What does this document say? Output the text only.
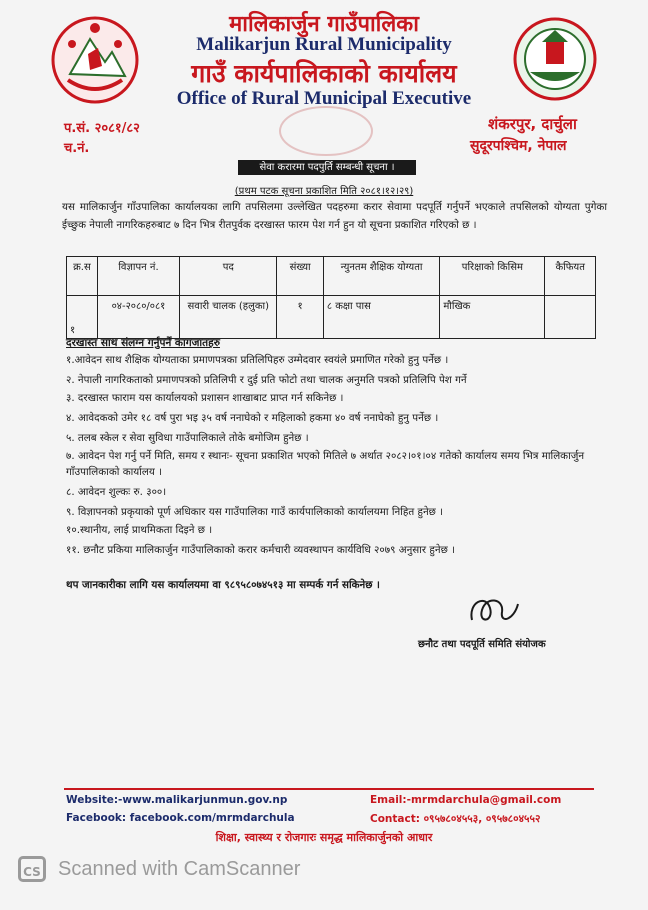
मालिकार्जुन गाउँपालिका
Malikarjun Rural Municipality
गाउँ कार्यपालिकाको कार्यालय
Office of Rural Municipal Executive
प.सं. २०८१/८२
च.नं.
शंकरपुर, दार्चुला
सुदूरपश्चिम, नेपाल
सेवा करारमा पदपुर्ति सम्बन्धी सूचना ।
(प्रथम पटक सूचना प्रकाशित मिति २०८१।१२।२९)
यस मालिकार्जुन गाँउपालिका कार्यालयका लागि तपसिलमा उल्लेखित पदहरुमा करार सेवामा पदपूर्ति गर्नुपर्ने भएकाले तपसिलको योग्यता पुगेका ईच्छुक नेपाली नागरिकहरुबाट ७ दिन भित्र रीतपुर्वक दरखास्त फारम पेश गर्न हुन यो सूचना प्रकाशित गरिएको छ ।
क्र.स	विज्ञापन नं.	पद	संख्या	न्युनतम शैक्षिक योग्यता	परिक्षाको किसिम	कैफियत
१	०४-२०८०/०८१	सवारी चालक (हलुका)	१	८ कक्षा पास	मौखिक	
दरखास्त साथ संलग्न गर्नुपर्ने कागजातहरु
१.आवेदन साथ शैक्षिक योग्यताका प्रमाणपत्रका प्रतिलिपिहरु उम्मेदवार स्वयंले प्रमाणित गरेको हुनु पर्नेछ ।
२. नेपाली नागरिकताको प्रमाणपत्रको प्रतिलिपी र दुई प्रति फोटो तथा चालक अनुमति पत्रको प्रतिलिपि पेश गर्ने
३. दरखास्त फाराम यस कार्यालयको प्रशासन शाखाबाट प्राप्त गर्न सकिनेछ ।
४. आवेदकको उमेर १८ वर्ष पुरा भइ ३५ वर्ष ननाघेको र महिलाको हकमा ४० वर्ष ननाघेको हुनु पर्नेछ ।
५. तलब स्केल र सेवा सुविधा गाउँपालिकाले तोके बमोजिम हुनेछ ।
७. आवेदन पेश गर्नु पर्ने मिति, समय र स्थानः- सूचना प्रकाशित भएको मितिले ७ अर्थात २०८२।०१।०४ गतेको कार्यालय समय भित्र मालिकार्जुन गाँउपालिकाको कार्यालय ।
८. आवेदन शुल्कः रु. ३००।
९. विज्ञापनको प्रकृयाको पूर्ण अधिकार यस गाउँपालिका गाउँ कार्यपालिकाको कार्यालयमा निहित हुनेछ ।
१०.स्थानीय, लाई प्राथमिकता दिइने छ ।
११. छनौट प्रकिया मालिकार्जुन गाउँपालिकाको करार कर्मचारी व्यवस्थापन कार्यविधि २०७९ अनुसार हुनेछ ।
थप जानकारीका लागि यस कार्यालयमा वा ९८९५८०७४५१३ मा सम्पर्क गर्न सकिनेछ ।
छनौट तथा पदपूर्ति समिति संयोजक
Website:-www.malikarjunmun.gov.np	Email:-mrmdarchula@gmail.com
Facebook: facebook.com/mrmdarchula	Contact: ०९५७८०४५५३, ०९५७८०४५५२
शिक्षा, स्वास्थ्य र रोजगारः समृद्ध मालिकार्जुनको आधार
CS Scanned with CamScanner
